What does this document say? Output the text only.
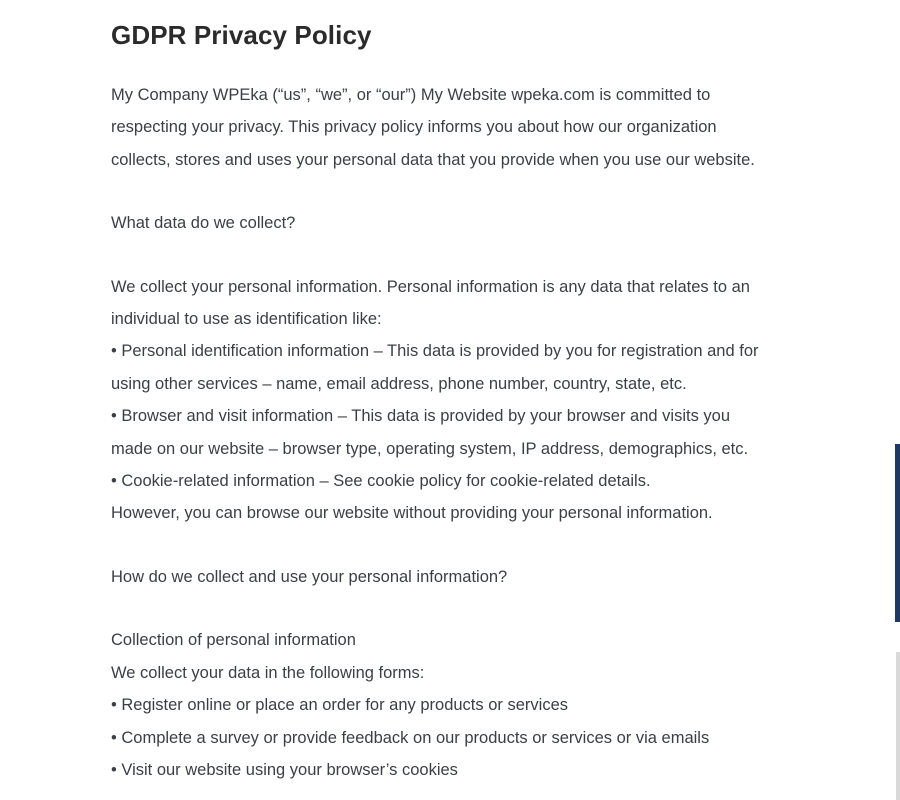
GDPR Privacy Policy
My Company WPEka (“us”, “we”, or “our”) My Website wpeka.com is committed to
respecting your privacy. This privacy policy informs you about how our organization
collects, stores and uses your personal data that you provide when you use our website.
What data do we collect?
We collect your personal information. Personal information is any data that relates to an
individual to use as identification like:
• Personal identification information – This data is provided by you for registration and for
using other services – name, email address, phone number, country, state, etc.
• Browser and visit information – This data is provided by your browser and visits you
made on our website – browser type, operating system, IP address, demographics, etc.
• Cookie-related information – See cookie policy for cookie-related details.
However, you can browse our website without providing your personal information.
How do we collect and use your personal information?
Collection of personal information
We collect your data in the following forms:
• Register online or place an order for any products or services
• Complete a survey or provide feedback on our products or services or via emails
• Visit our website using your browser’s cookies
